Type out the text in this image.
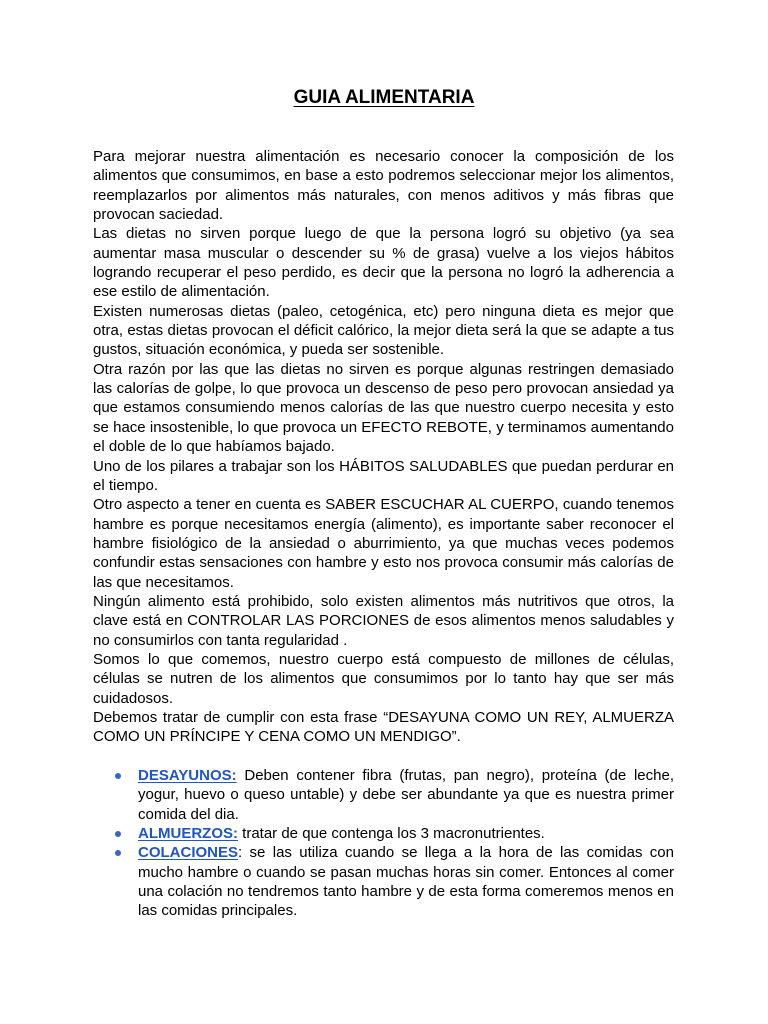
GUIA ALIMENTARIA

Para mejorar nuestra alimentación es necesario conocer la composición de los alimentos que consumimos, en base a esto podremos seleccionar mejor los alimentos, reemplazarlos por alimentos más naturales, con menos aditivos y más fibras que provocan saciedad.

Las dietas no sirven porque luego de que la persona logró su objetivo (ya sea aumentar masa muscular o descender su % de grasa) vuelve a los viejos hábitos logrando recuperar el peso perdido, es decir que la persona no logró la adherencia a ese estilo de alimentación.

Existen numerosas dietas (paleo, cetogénica, etc) pero ninguna dieta es mejor que otra, estas dietas provocan el déficit calórico, la mejor dieta será la que se adapte a tus gustos, situación económica, y pueda ser sostenible.

Otra razón por las que las dietas no sirven es porque algunas restringen demasiado las calorías de golpe, lo que provoca un descenso de peso pero provocan ansiedad ya que estamos consumiendo menos calorías de las que nuestro cuerpo necesita y esto se hace insostenible, lo que provoca un EFECTO REBOTE, y terminamos aumentando el doble de lo que habíamos bajado.

Uno de los pilares a trabajar son los HÁBITOS SALUDABLES que puedan perdurar en el tiempo.

Otro aspecto a tener en cuenta es SABER ESCUCHAR AL CUERPO, cuando tenemos hambre es porque necesitamos energía (alimento), es importante saber reconocer el hambre fisiológico de la ansiedad o aburrimiento, ya que muchas veces podemos confundir estas sensaciones con hambre y esto nos provoca consumir más calorías de las que necesitamos.

Ningún alimento está prohibido, solo existen alimentos más nutritivos que otros, la clave está en CONTROLAR LAS PORCIONES de esos alimentos menos saludables y no consumirlos con tanta regularidad .

Somos lo que comemos, nuestro cuerpo está compuesto de millones de células, células se nutren de los alimentos que consumimos por lo tanto hay que ser más cuidadosos.

Debemos tratar de cumplir con esta frase “DESAYUNA COMO UN REY, ALMUERZA COMO UN PRÍNCIPE Y CENA COMO UN MENDIGO”.

DESAYUNOS: Deben contener fibra (frutas, pan negro), proteína (de leche, yogur, huevo o queso untable) y debe ser abundante ya que es nuestra primer comida del dia.
ALMUERZOS: tratar de que contenga los 3 macronutrientes.
COLACIONES: se las utiliza cuando se llega a la hora de las comidas con mucho hambre o cuando se pasan muchas horas sin comer. Entonces al comer una colación no tendremos tanto hambre y de esta forma comeremos menos en las comidas principales.
